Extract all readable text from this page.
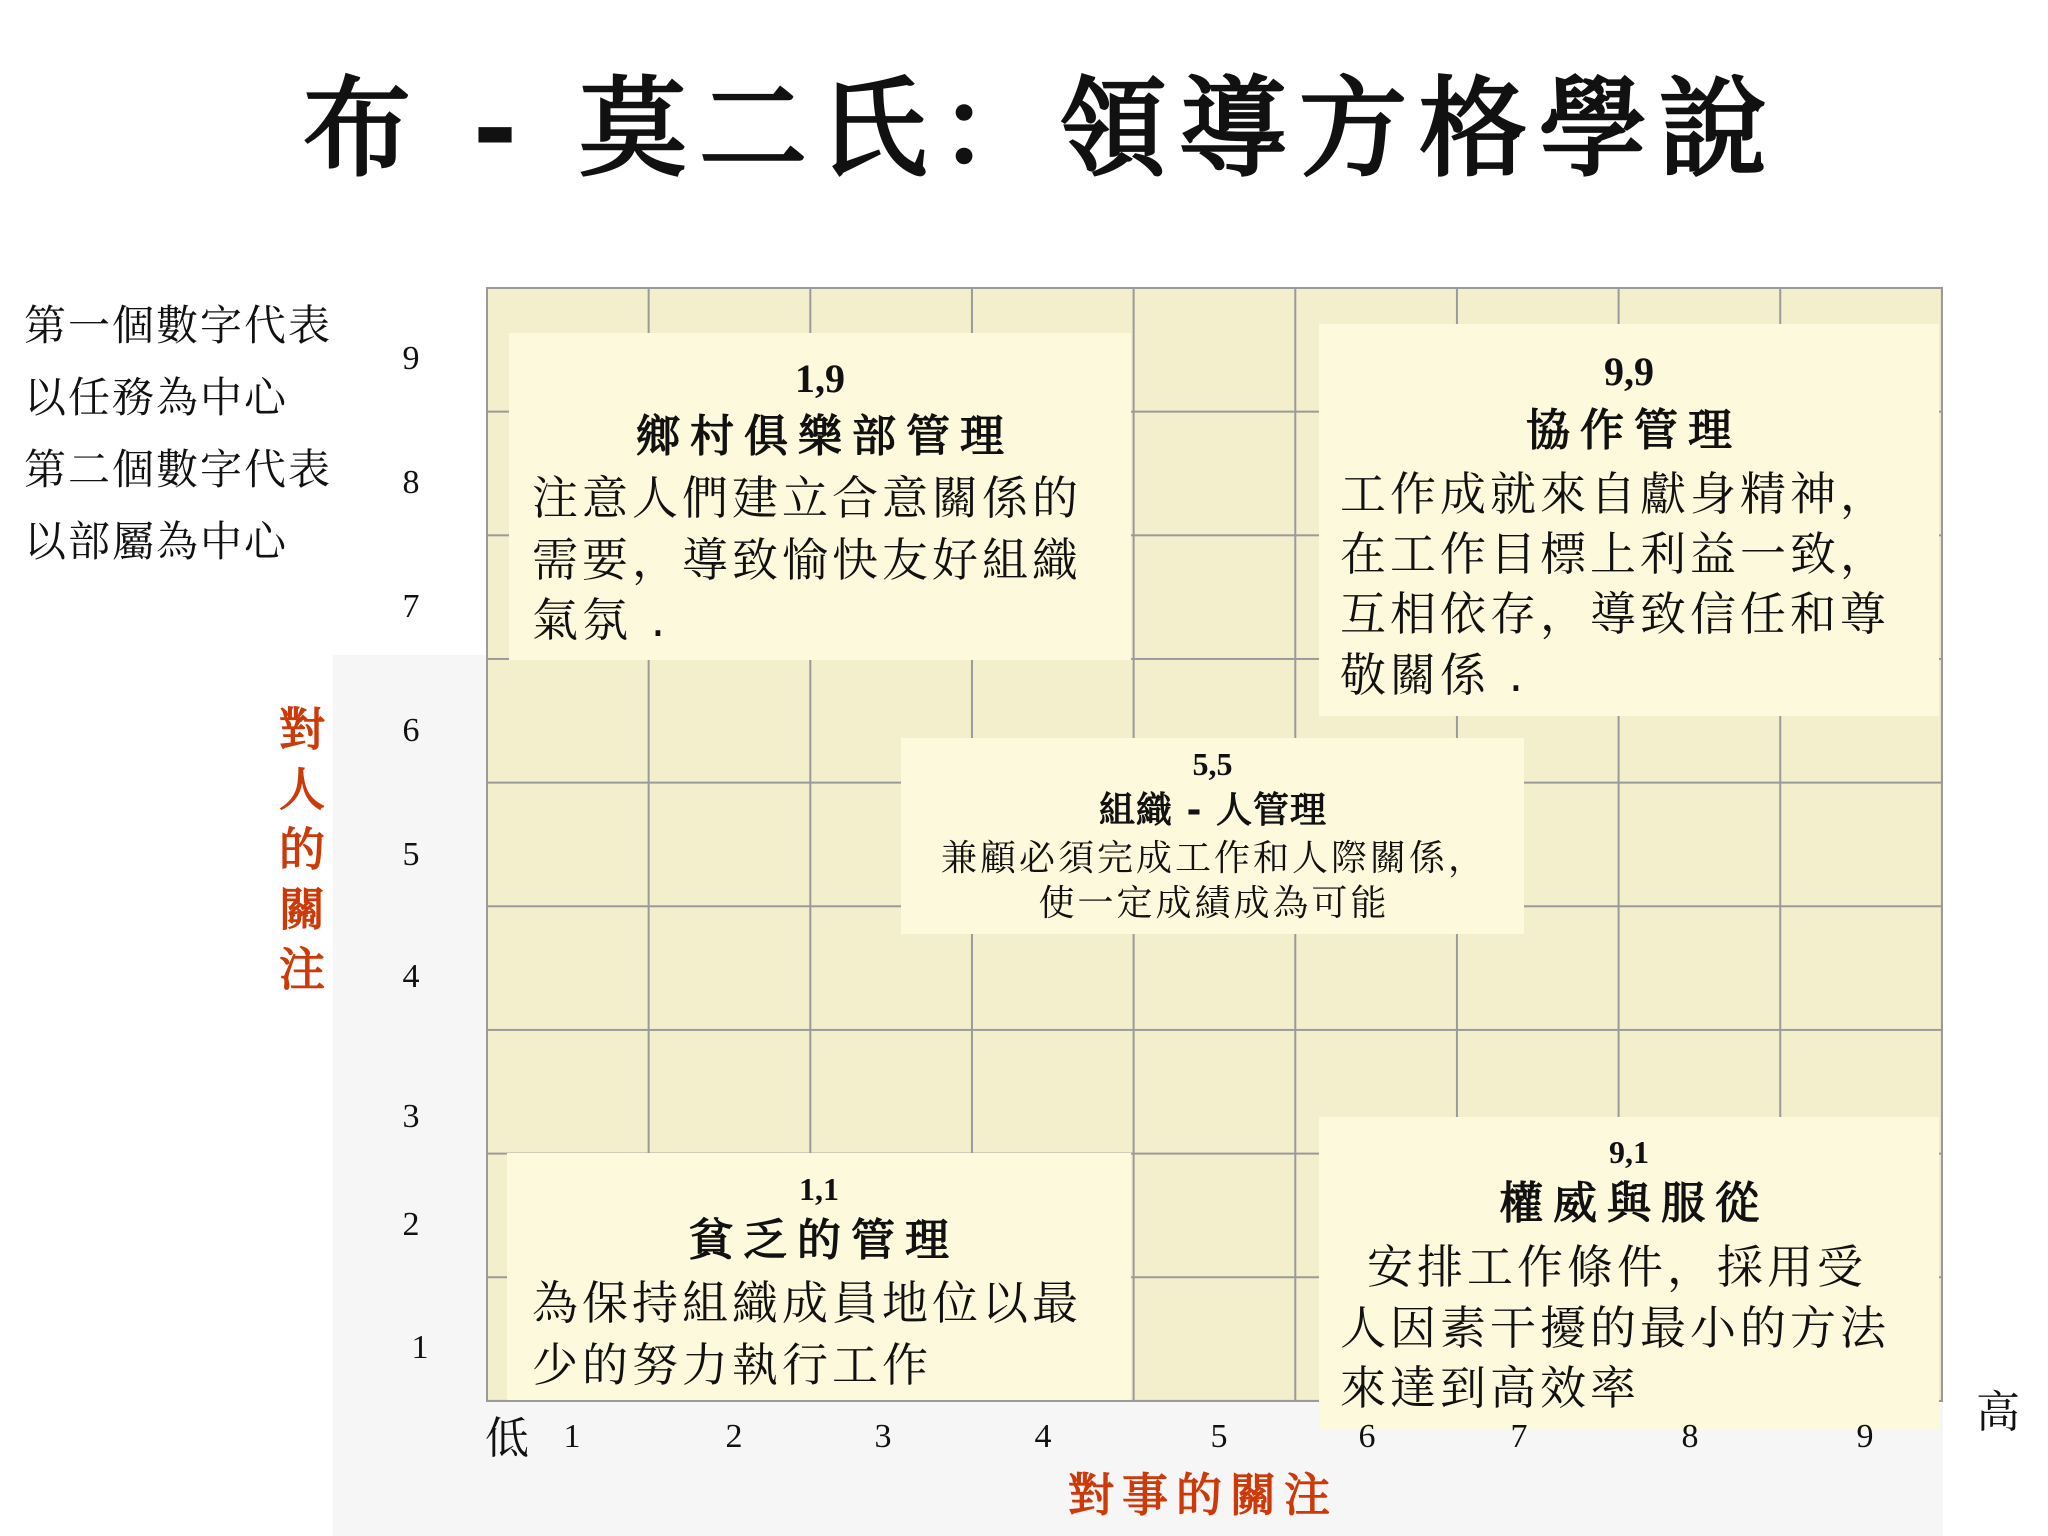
布 - 莫二氏：領導方格學說
第一個數字代表
以任務為中心
第二個數字代表
以部屬為中心
對人的關注
1,9
鄉村俱樂部管理
注意人們建立合意關係的
需要，導致愉快友好組織
氣氛 .
9,9
協作管理
工作成就來自獻身精神，
在工作目標上利益一致，
互相依存，導致信任和尊
敬關係 .
5,5
組織 - 人管理
兼顧必須完成工作和人際關係，
使一定成績成為可能
1,1
貧乏的管理
為保持組織成員地位以最
少的努力執行工作
9,1
權威與服從
安排工作條件，採用受
人因素干擾的最小的方法
來達到高效率
9
8
7
6
5
4
3
2
1
低
高
1	2	3	4	5	6	7	8	9
對事的關注
